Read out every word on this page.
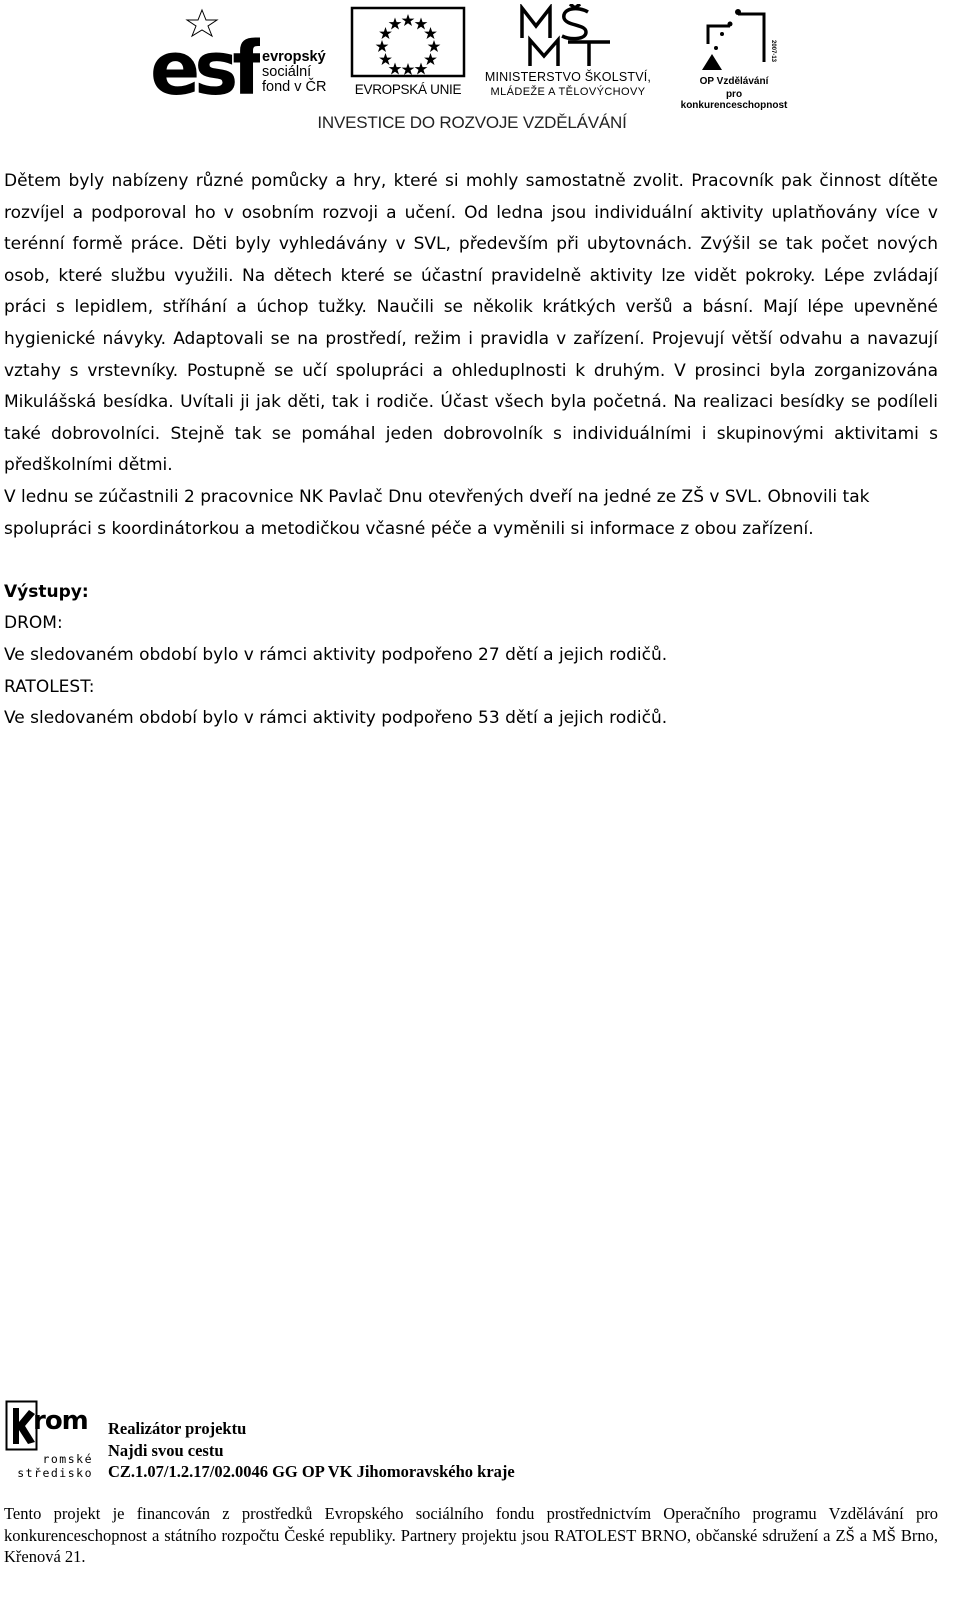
esf evropský
sociální
fond v ČR	EVROPSKÁ UNIE
MINISTERSTVO ŠKOLSTVÍ,
MLÁDEŽE A TĚLOVÝCHOVY
2007-13
OP Vzdělávání
pro konkurenceschopnost
INVESTICE DO ROZVOJE VZDĚLÁVÁNÍ

Dětem byly nabízeny různé pomůcky a hry, které si mohly samostatně zvolit. Pracovník pak činnost dítěte rozvíjel a podporoval ho v osobním rozvoji a učení. Od ledna jsou individuální aktivity uplatňovány více v terénní formě práce. Děti byly vyhledávány v SVL, především při ubytovnách. Zvýšil se tak počet nových osob, které službu využili. Na dětech které se účastní pravidelně aktivity lze vidět pokroky. Lépe zvládají práci s lepidlem, stříhání a úchop tužky. Naučili se několik krátkých veršů a básní. Mají lépe upevněné hygienické návyky. Adaptovali se na prostředí, režim i pravidla v zařízení. Projevují větší odvahu a navazují vztahy s vrstevníky. Postupně se učí spolupráci a ohleduplnosti k druhým. V prosinci byla zorganizována Mikulášská besídka. Uvítali ji jak děti, tak i rodiče. Účast všech byla početná. Na realizaci besídky se podíleli také dobrovolníci. Stejně tak se pomáhal jeden dobrovolník s individuálními i skupinovými aktivitami s předškolními dětmi.

V lednu se zúčastnili 2 pracovnice NK Pavlač Dnu otevřených dveří na jedné ze ZŠ v SVL. Obnovili tak spolupráci s koordinátorkou a metodičkou včasné péče a vyměnili si informace z obou zařízení.

Výstupy:

DROM:

Ve sledovaném období bylo v rámci aktivity podpořeno 27 dětí a jejich rodičů.

RATOLEST:

Ve sledovaném období bylo v rámci aktivity podpořeno 53 dětí a jejich rodičů.

rom
romské
středisko
Realizátor projektu
Najdi svou cestu
CZ.1.07/1.2.17/02.0046 GG OP VK Jihomoravského kraje
Tento projekt je financován z prostředků Evropského sociálního fondu prostřednictvím Operačního programu Vzdělávání pro konkurenceschopnost a státního rozpočtu České republiky. Partnery projektu jsou RATOLEST BRNO, občanské sdružení a ZŠ a MŠ Brno, Křenová 21.
